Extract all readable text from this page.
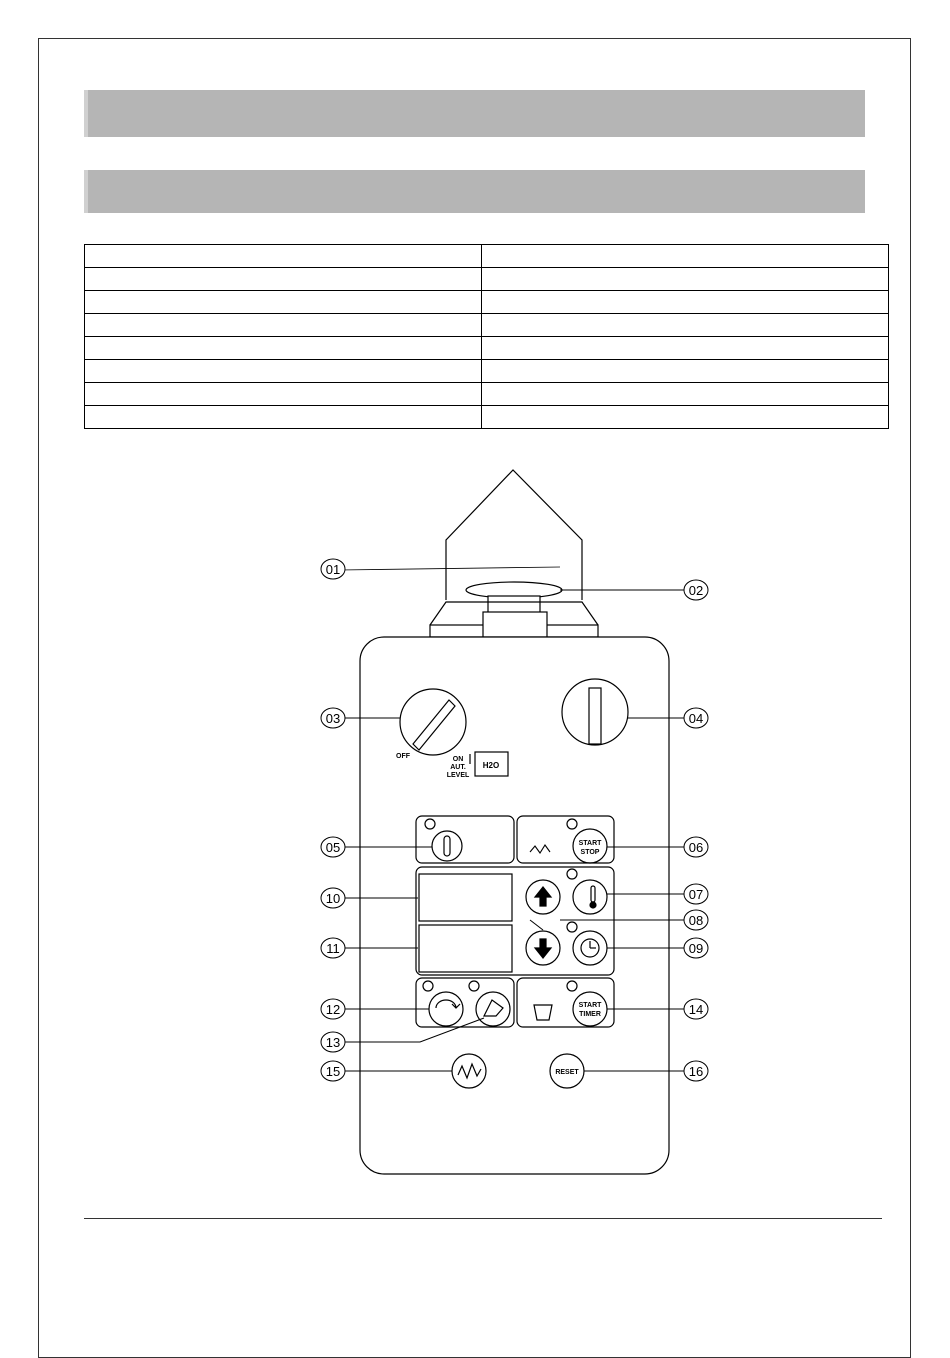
01
02
03	04
05	06
07
08
09
10
11
12
13
14
15	16
OFF	ON
AUT.
LEVEL
H2O
START
STOP
START
TIMER
RESET
